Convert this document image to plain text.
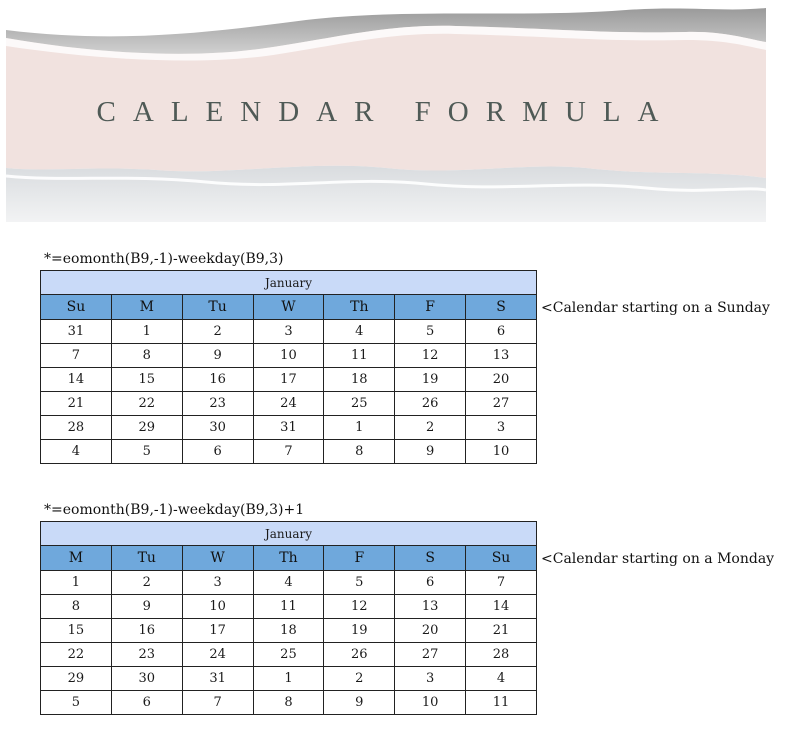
CALENDAR FORMULA
*=eomonth(B9,-1)-weekday(B9,3)
January						
Su	M	Tu	W	Th	F	S
31	1	2	3	4	5	6
7	8	9	10	11	12	13
14	15	16	17	18	19	20
21	22	23	24	25	26	27
28	29	30	31	1	2	3
4	5	6	7	8	9	10
<Calendar starting on a Sunday
*=eomonth(B9,-1)-weekday(B9,3)+1
January						
M	Tu	W	Th	F	S	Su
1	2	3	4	5	6	7
8	9	10	11	12	13	14
15	16	17	18	19	20	21
22	23	24	25	26	27	28
29	30	31	1	2	3	4
5	6	7	8	9	10	11
<Calendar starting on a Monday
